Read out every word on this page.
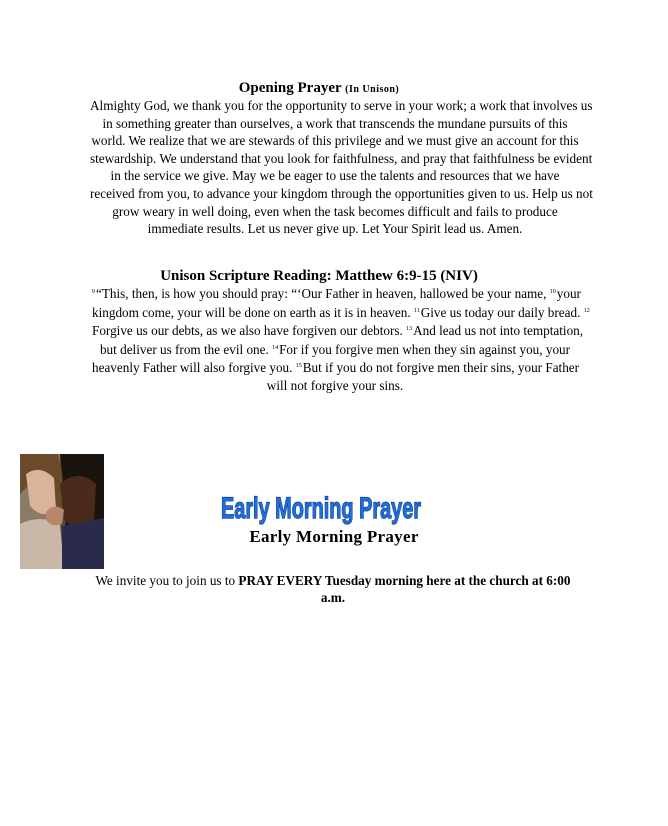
Opening Prayer (In Unison)
Almighty God, we thank you for the opportunity to serve in your work; a work that involves us
in something greater than ourselves, a work that transcends the mundane pursuits of this
world. We realize that we are stewards of this privilege and we must give an account for this
stewardship. We understand that you look for faithfulness, and pray that faithfulness be evident
in the service we give. May we be eager to use the talents and resources that we have
received from you, to advance your kingdom through the opportunities given to us. Help us not
grow weary in well doing, even when the task becomes difficult and fails to produce
immediate results. Let us never give up. Let Your Spirit lead us. Amen.
Unison Scripture Reading: Matthew 6:9-15 (NIV)
$^9$“This, then, is how you should pray: “‘Our Father in heaven, hallowed be your name, $^{10}$your
kingdom come, your will be done on earth as it is in heaven. $^{11}$Give us today our daily bread. $^{12}$
Forgive us our debts, as we also have forgiven our debtors. $^{13}$And lead us not into temptation,
but deliver us from the evil one. $^{14}$For if you forgive men when they sin against you, your
heavenly Father will also forgive you. $^{15}$But if you do not forgive men their sins, your Father
will not forgive your sins.
Early Morning Prayer
Early Morning Prayer
We invite you to join us to PRAY EVERY Tuesday morning here at the church at 6:00
a.m.
